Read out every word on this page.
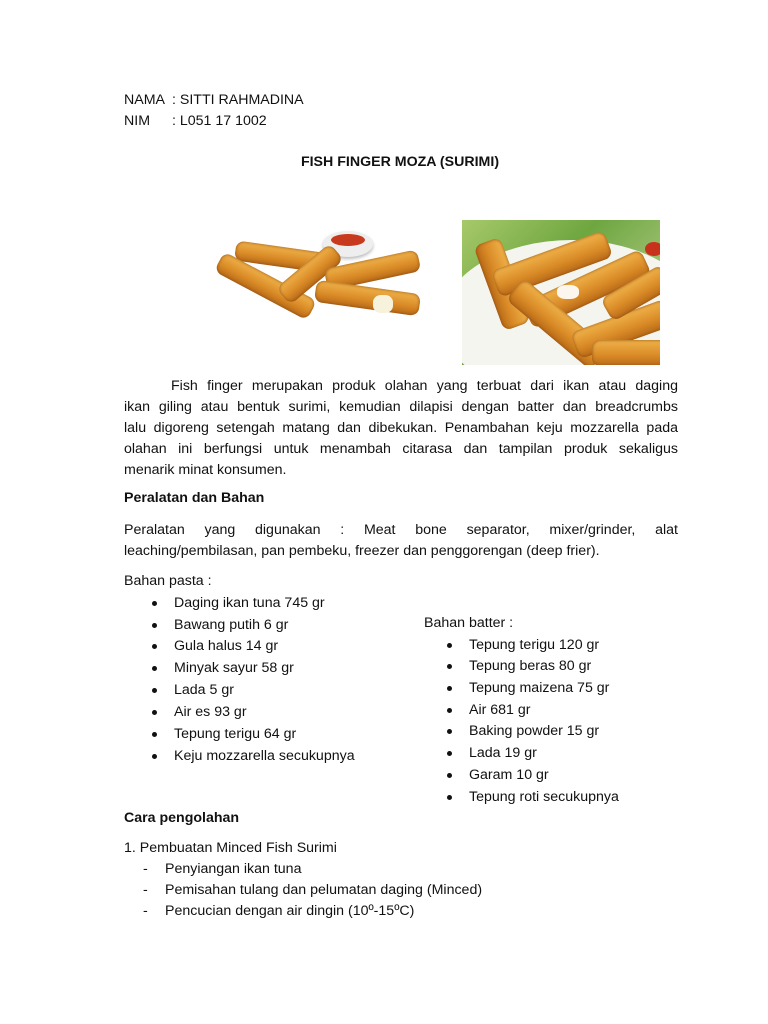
NAMA : SITTI RAHMADINA
NIM : L051 17 1002
FISH FINGER MOZA (SURIMI)
Fish finger merupakan produk olahan yang terbuat dari ikan atau daging
ikan giling atau bentuk surimi, kemudian dilapisi dengan batter dan breadcrumbs
lalu digoreng setengah matang dan dibekukan. Penambahan keju mozzarella pada
olahan ini berfungsi untuk menambah citarasa dan tampilan produk sekaligus
menarik minat konsumen.
Peralatan dan Bahan
Peralatan yang digunakan : Meat bone separator, mixer/grinder, alat
leaching/pembilasan, pan pembeku, freezer dan penggorengan (deep frier).
Bahan pasta :
Daging ikan tuna 745 gr
Bawang putih 6 gr
Gula halus 14 gr
Minyak sayur 58 gr
Lada 5 gr
Air es 93 gr
Tepung terigu 64 gr
Keju mozzarella secukupnya
Bahan batter :
Tepung terigu 120 gr
Tepung beras 80 gr
Tepung maizena 75 gr
Air 681 gr
Baking powder 15 gr
Lada 19 gr
Garam 10 gr
Tepung roti secukupnya
Cara pengolahan
1. Pembuatan Minced Fish Surimi
- Penyiangan ikan tuna
- Pemisahan tulang dan pelumatan daging (Minced)
- Pencucian dengan air dingin (10º-15ºC)
